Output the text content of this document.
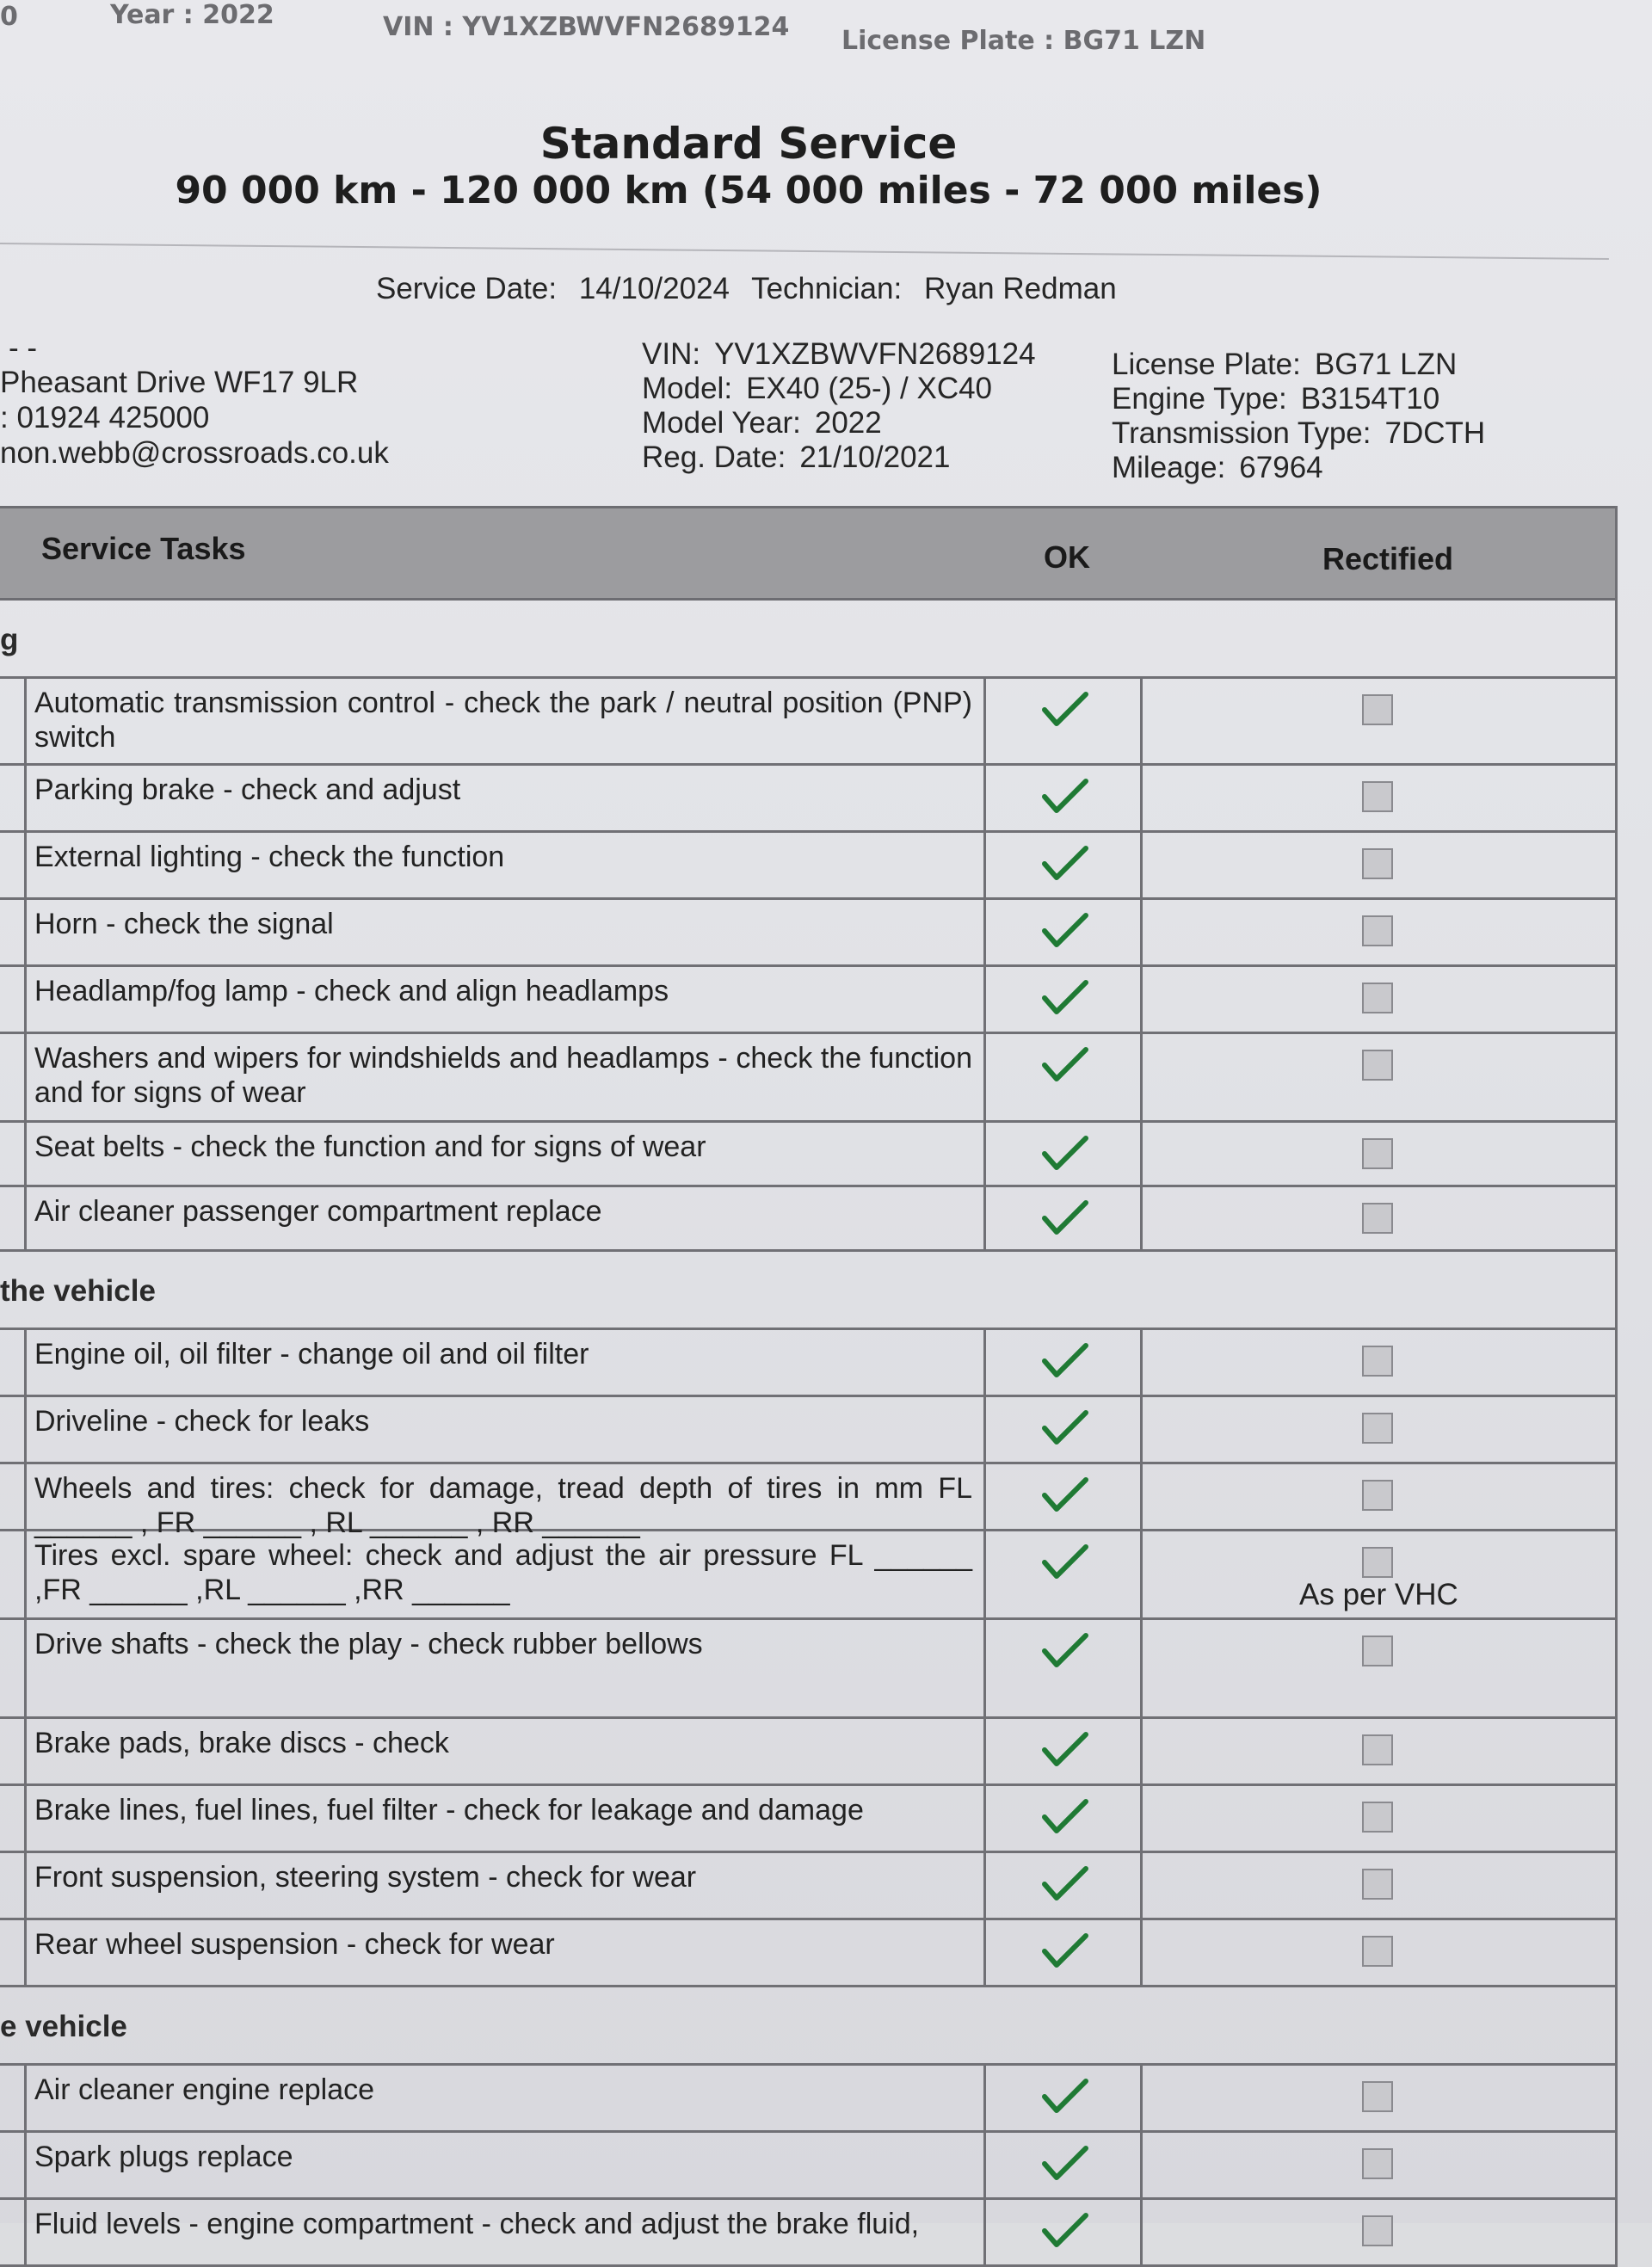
0	Year : 2022	VIN : YV1XZBWVFN2689124 License Plate : BG71 LZN
Standard Service
90 000 km - 120 000 km (54 000 miles - 72 000 miles)
Service Date: 14/10/2024 Technician: Ryan Redman
- -
Pheasant Drive WF17 9LR
: 01924 425000
non.webb@crossroads.co.uk
VIN: YV1XZBWVFN2689124
Model: EX40 (25-) / XC40
Model Year: 2022
Reg. Date: 21/10/2021
License Plate: BG71 LZN
Engine Type: B3154T10
Transmission Type: 7DCTH
Mileage: 67964
Service Tasks	OK	Rectified
g
Automatic transmission control - check the park / neutral position (PNP) switch
Parking brake - check and adjust
External lighting - check the function
Horn - check the signal
Headlamp/fog lamp - check and align headlamps
Washers and wipers for windshields and headlamps - check the function and for signs of wear
Seat belts - check the function and for signs of wear
Air cleaner passenger compartment replace
the vehicle
Engine oil, oil filter - change oil and oil filter
Driveline - check for leaks
Wheels and tires: check for damage, tread depth of tires in mm FL ______ , FR ______ , RL ______ , RR ______
Tires excl. spare wheel: check and adjust the air pressure FL ______ ,FR ______ ,RL ______ ,RR ______	As per VHC
Drive shafts - check the play - check rubber bellows
Brake pads, brake discs - check
Brake lines, fuel lines, fuel filter - check for leakage and damage
Front suspension, steering system - check for wear
Rear wheel suspension - check for wear
e vehicle
Air cleaner engine replace
Spark plugs replace
Fluid levels - engine compartment - check and adjust the brake fluid,
